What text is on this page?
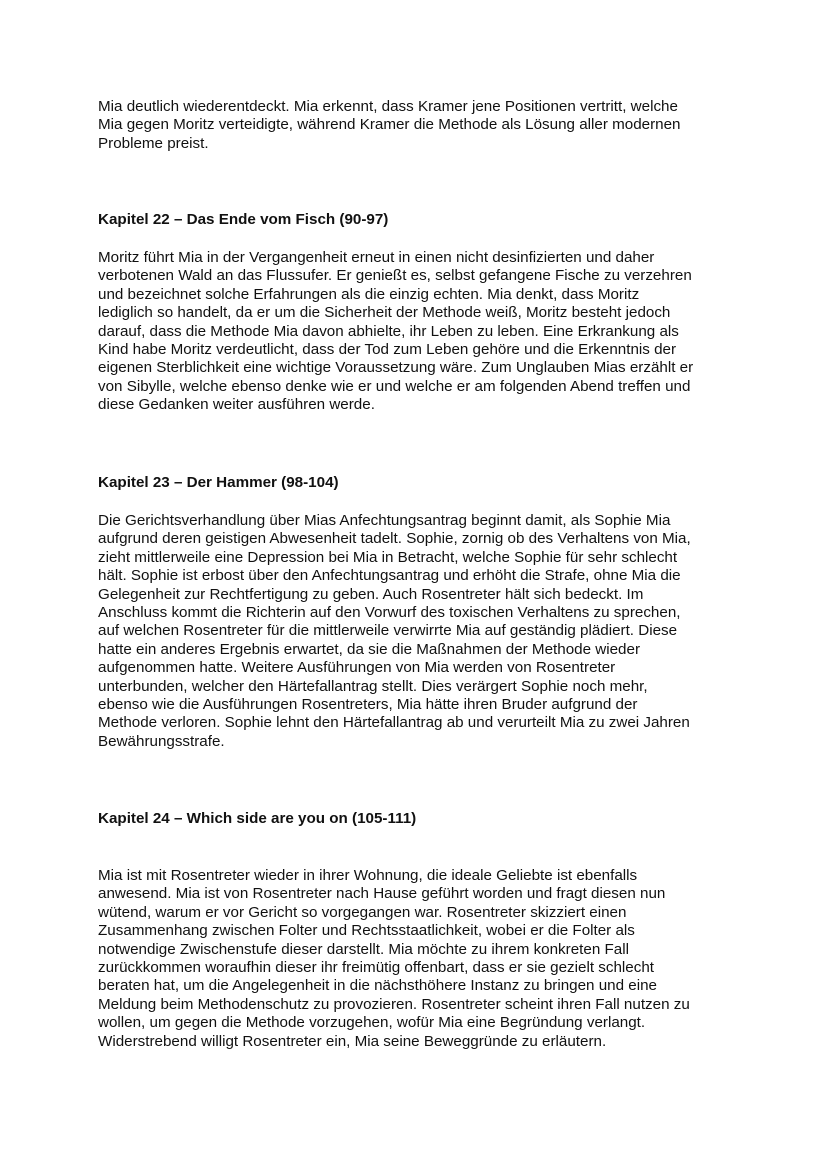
Mia deutlich wiederentdeckt. Mia erkennt, dass Kramer jene Positionen vertritt, welche
Mia gegen Moritz verteidigte, während Kramer die Methode als Lösung aller modernen
Probleme preist.

Kapitel 22 – Das Ende vom Fisch (90-97)

Moritz führt Mia in der Vergangenheit erneut in einen nicht desinfizierten und daher
verbotenen Wald an das Flussufer. Er genießt es, selbst gefangene Fische zu verzehren
und bezeichnet solche Erfahrungen als die einzig echten. Mia denkt, dass Moritz
lediglich so handelt, da er um die Sicherheit der Methode weiß, Moritz besteht jedoch
darauf, dass die Methode Mia davon abhielte, ihr Leben zu leben. Eine Erkrankung als
Kind habe Moritz verdeutlicht, dass der Tod zum Leben gehöre und die Erkenntnis der
eigenen Sterblichkeit eine wichtige Voraussetzung wäre. Zum Unglauben Mias erzählt er
von Sibylle, welche ebenso denke wie er und welche er am folgenden Abend treffen und
diese Gedanken weiter ausführen werde.

Kapitel 23 – Der Hammer (98-104)

Die Gerichtsverhandlung über Mias Anfechtungsantrag beginnt damit, als Sophie Mia
aufgrund deren geistigen Abwesenheit tadelt. Sophie, zornig ob des Verhaltens von Mia,
zieht mittlerweile eine Depression bei Mia in Betracht, welche Sophie für sehr schlecht
hält. Sophie ist erbost über den Anfechtungsantrag und erhöht die Strafe, ohne Mia die
Gelegenheit zur Rechtfertigung zu geben. Auch Rosentreter hält sich bedeckt. Im
Anschluss kommt die Richterin auf den Vorwurf des toxischen Verhaltens zu sprechen,
auf welchen Rosentreter für die mittlerweile verwirrte Mia auf geständig plädiert. Diese
hatte ein anderes Ergebnis erwartet, da sie die Maßnahmen der Methode wieder
aufgenommen hatte. Weitere Ausführungen von Mia werden von Rosentreter
unterbunden, welcher den Härtefallantrag stellt. Dies verärgert Sophie noch mehr,
ebenso wie die Ausführungen Rosentreters, Mia hätte ihren Bruder aufgrund der
Methode verloren. Sophie lehnt den Härtefallantrag ab und verurteilt Mia zu zwei Jahren
Bewährungsstrafe.

Kapitel 24 – Which side are you on (105-111)

Mia ist mit Rosentreter wieder in ihrer Wohnung, die ideale Geliebte ist ebenfalls
anwesend. Mia ist von Rosentreter nach Hause geführt worden und fragt diesen nun
wütend, warum er vor Gericht so vorgegangen war. Rosentreter skizziert einen
Zusammenhang zwischen Folter und Rechtsstaatlichkeit, wobei er die Folter als
notwendige Zwischenstufe dieser darstellt. Mia möchte zu ihrem konkreten Fall
zurückkommen woraufhin dieser ihr freimütig offenbart, dass er sie gezielt schlecht
beraten hat, um die Angelegenheit in die nächsthöhere Instanz zu bringen und eine
Meldung beim Methodenschutz zu provozieren. Rosentreter scheint ihren Fall nutzen zu
wollen, um gegen die Methode vorzugehen, wofür Mia eine Begründung verlangt.
Widerstrebend willigt Rosentreter ein, Mia seine Beweggründe zu erläutern.
